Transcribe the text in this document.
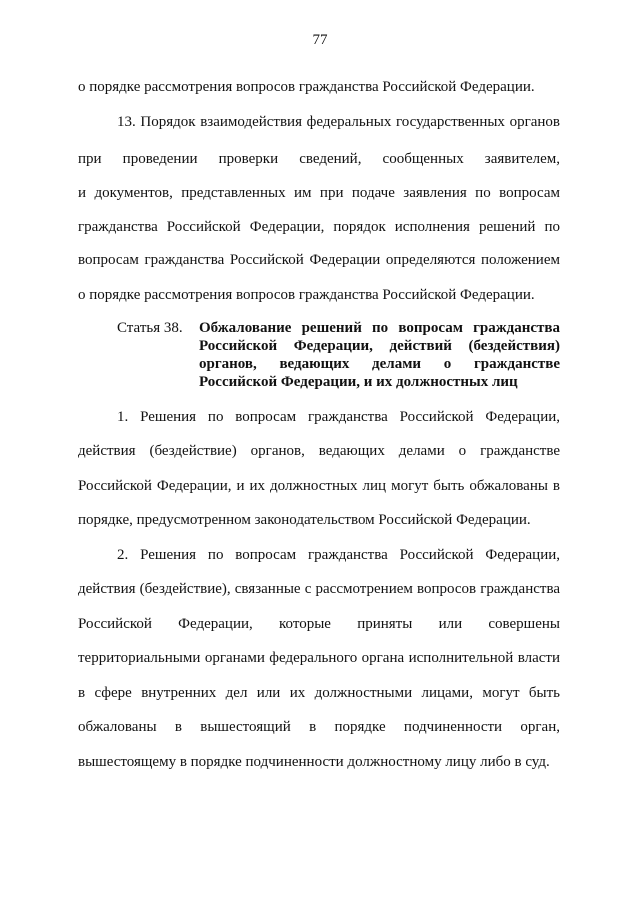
77
о порядке рассмотрения вопросов гражданства Российской Федерации.
13. Порядок взаимодействия федеральных государственных органов
при проведении проверки сведений, сообщенных заявителем,
и документов, представленных им при подаче заявления по вопросам
гражданства Российской Федерации, порядок исполнения решений по
вопросам гражданства Российской Федерации определяются положением
о порядке рассмотрения вопросов гражданства Российской Федерации.
Статья 38. Обжалование решений по вопросам гражданства
Российской Федерации, действий (бездействия)
органов, ведающих делами о гражданстве
Российской Федерации, и их должностных лиц
1. Решения по вопросам гражданства Российской Федерации,
действия (бездействие) органов, ведающих делами о гражданстве
Российской Федерации, и их должностных лиц могут быть обжалованы в
порядке, предусмотренном законодательством Российской Федерации.
2. Решения по вопросам гражданства Российской Федерации,
действия (бездействие), связанные с рассмотрением вопросов гражданства
Российской Федерации, которые приняты или совершены
территориальными органами федерального органа исполнительной власти
в сфере внутренних дел или их должностными лицами, могут быть
обжалованы в вышестоящий в порядке подчиненности орган,
вышестоящему в порядке подчиненности должностному лицу либо в суд.
